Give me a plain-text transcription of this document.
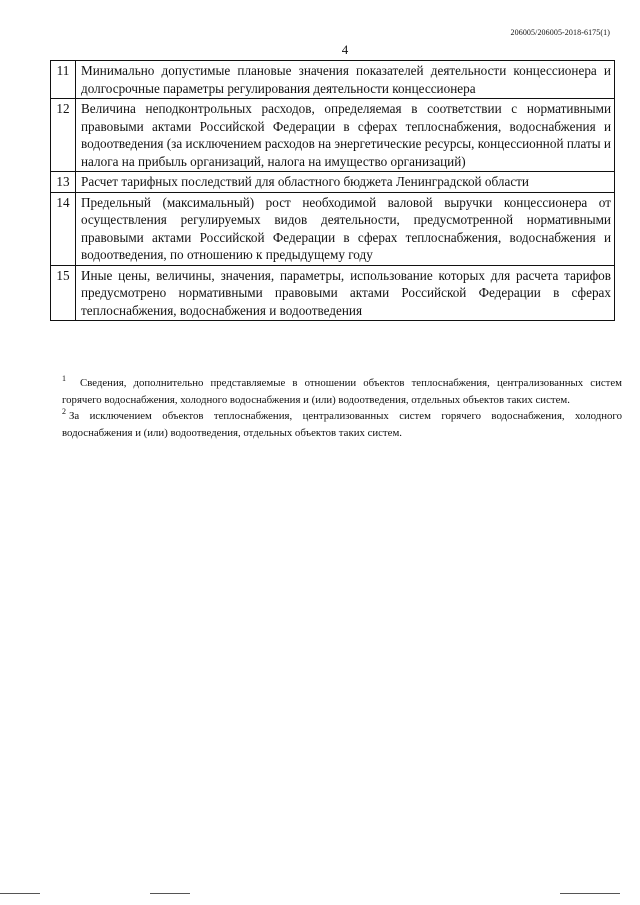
206005/206005-2018-6175(1)
4
11	Минимально допустимые плановые значения показателей деятельности концессионера и долгосрочные параметры регулирования деятельности концессионера
12	Величина неподконтрольных расходов, определяемая в соответствии с нормативными правовыми актами Российской Федерации в сферах теплоснабжения, водоснабжения и водоотведения (за исключением расходов на энергетические ресурсы, концессионной платы и налога на прибыль организаций, налога на имущество организаций)
13	Расчет тарифных последствий для областного бюджета Ленинградской области
14	Предельный (максимальный) рост необходимой валовой выручки концессионера от осуществления регулируемых видов деятельности, предусмотренной нормативными правовыми актами Российской Федерации в сферах теплоснабжения, водоснабжения и водоотведения, по отношению к предыдущему году
15	Иные цены, величины, значения, параметры, использование которых для расчета тарифов предусмотрено нормативными правовыми актами Российской Федерации в сферах теплоснабжения, водоснабжения и водоотведения

$^1$ Сведения, дополнительно представляемые в отношении объектов теплоснабжения, централизованных систем горячего водоснабжения, холодного водоснабжения и (или) водоотведения, отдельных объектов таких систем.

$^2$ За исключением объектов теплоснабжения, централизованных систем горячего водоснабжения, холодного водоснабжения и (или) водоотведения, отдельных объектов таких систем.
